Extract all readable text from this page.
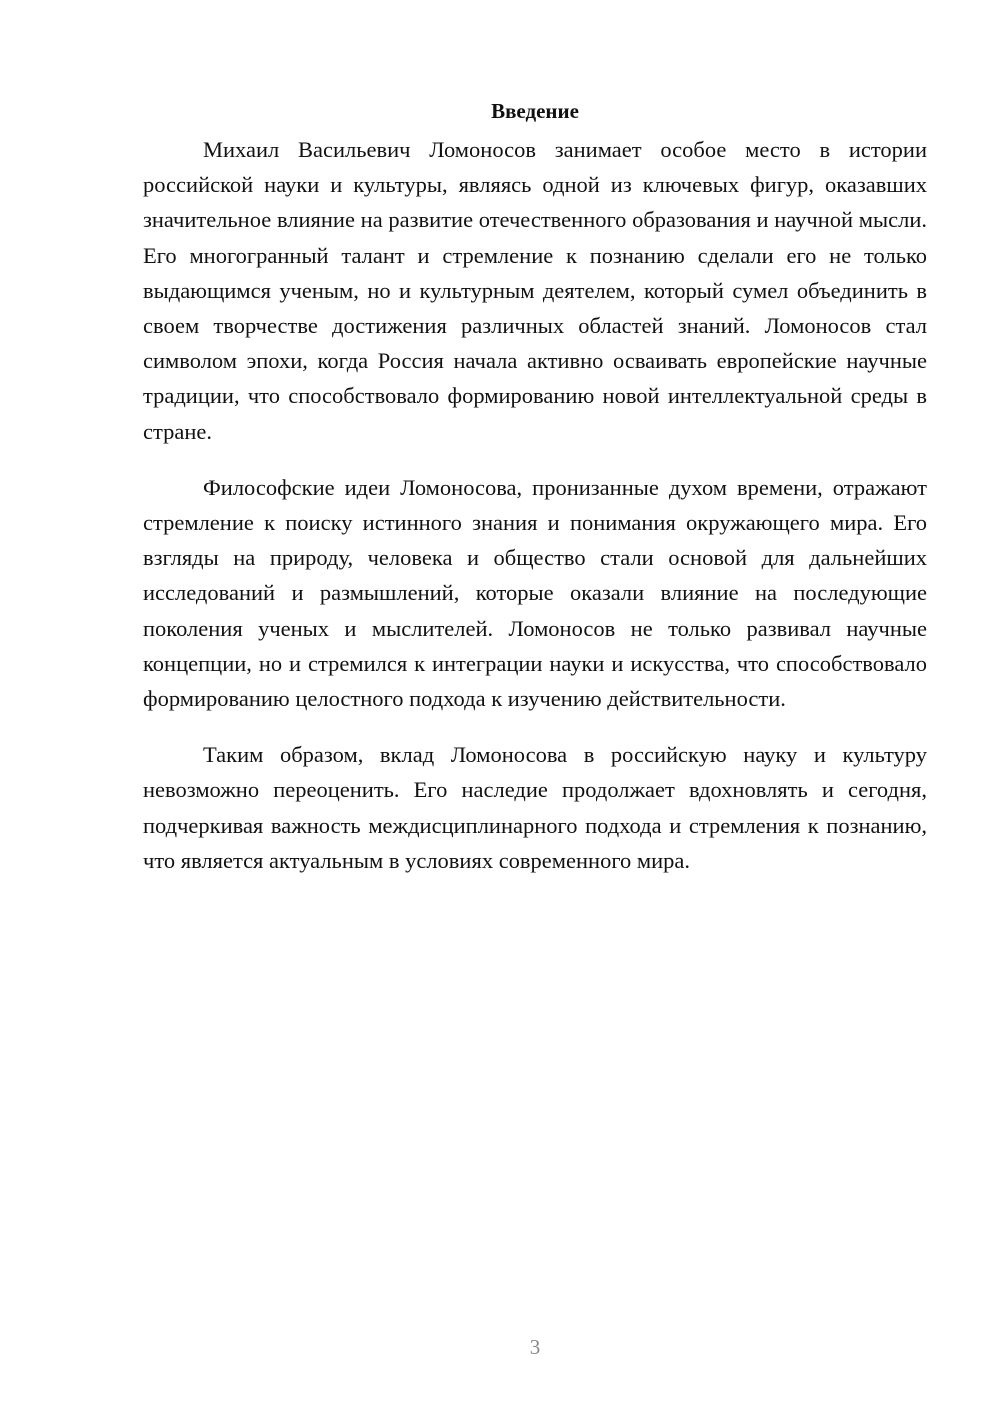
Введение

Михаил Васильевич Ломоносов занимает особое место в истории российской науки и культуры, являясь одной из ключевых фигур, оказавших значительное влияние на развитие отечественного образования и научной мысли. Его многогранный талант и стремление к познанию сделали его не только выдающимся ученым, но и культурным деятелем, который сумел объединить в своем творчестве достижения различных областей знаний. Ломоносов стал символом эпохи, когда Россия начала активно осваивать европейские научные традиции, что способствовало формированию новой интеллектуальной среды в стране.

Философские идеи Ломоносова, пронизанные духом времени, отражают стремление к поиску истинного знания и понимания окружающего мира. Его взгляды на природу, человека и общество стали основой для дальнейших исследований и размышлений, которые оказали влияние на последующие поколения ученых и мыслителей. Ломоносов не только развивал научные концепции, но и стремился к интеграции науки и искусства, что способствовало формированию целостного подхода к изучению действительности.

Таким образом, вклад Ломоносова в российскую науку и культуру невозможно переоценить. Его наследие продолжает вдохновлять и сегодня, подчеркивая важность междисциплинарного подхода и стремления к познанию, что является актуальным в условиях современного мира.

3
